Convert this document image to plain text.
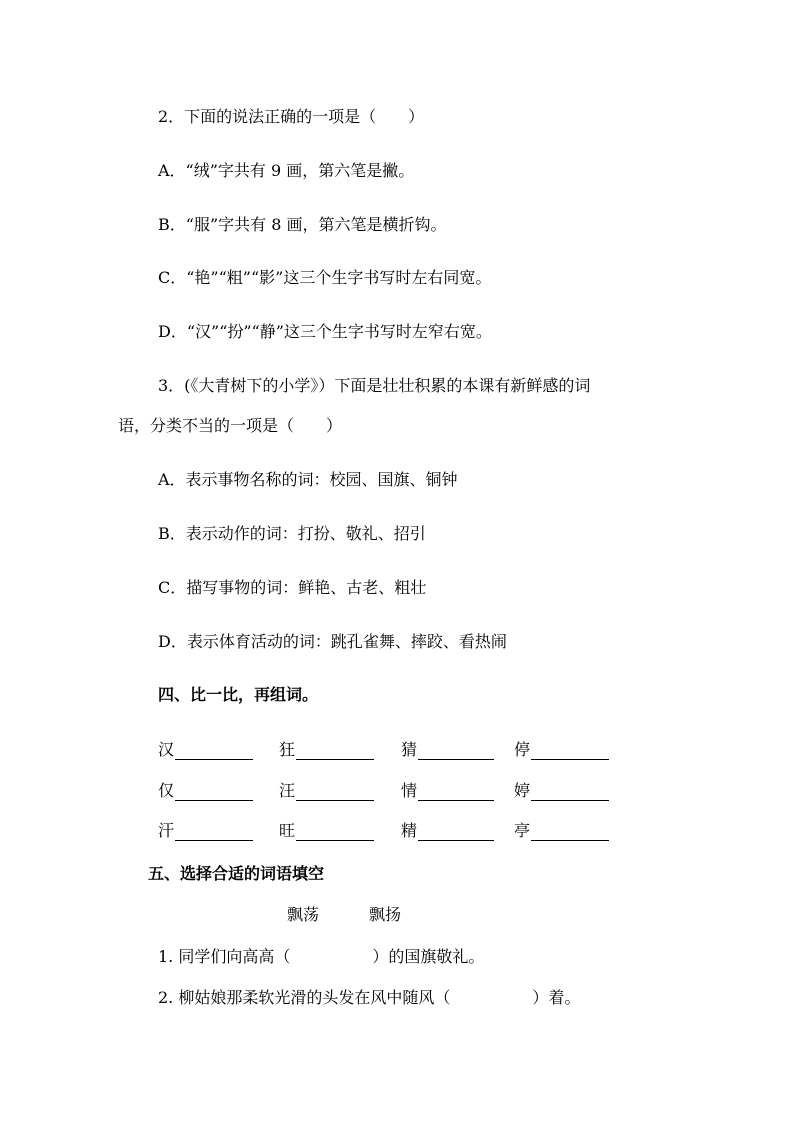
2．下面的说法正确的一项是（　　）
A．“绒”字共有 9 画，第六笔是撇。
B．“服”字共有 8 画，第六笔是横折钩。
C．“艳”“粗”“影”这三个生字书写时左右同宽。
D．“汉”“扮”“静”这三个生字书写时左窄右宽。
3．(《大青树下的小学》）下面是壮壮积累的本课有新鲜感的词
语，分类不当的一项是（　　）
A．表示事物名称的词：校园、国旗、铜钟
B．表示动作的词：打扮、敬礼、招引
C．描写事物的词：鲜艳、古老、粗壮
D．表示体育活动的词：跳孔雀舞、摔跤、看热闹
四、比一比，再组词。
汉	狂	猜	停
仅	汪	情	婷
汗	旺	精	亭
五、选择合适的词语填空
飘荡	飘扬
1. 同学们向高高（	）的国旗敬礼。
2. 柳姑娘那柔软光滑的头发在风中随风（	）着。
